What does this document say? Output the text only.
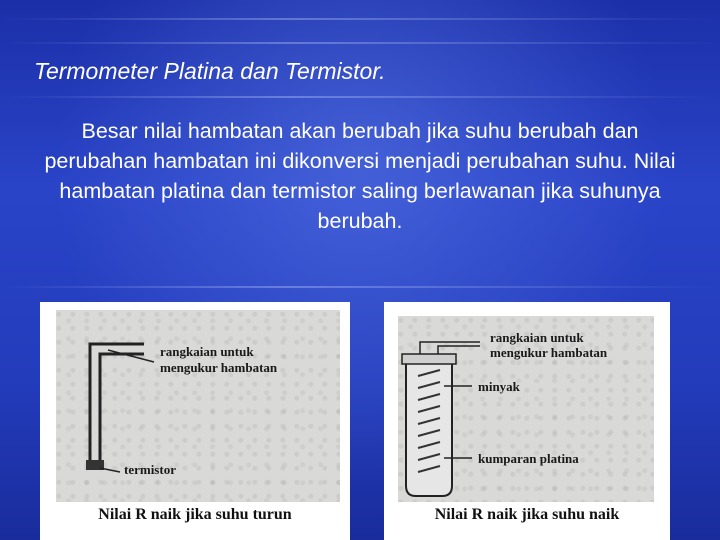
Termometer Platina dan Termistor.

Besar nilai hambatan akan berubah jika suhu berubah dan perubahan hambatan ini dikonversi menjadi perubahan suhu. Nilai hambatan platina dan termistor saling berlawanan jika suhunya berubah.

rangkaian untuk
mengukur hambatan
termistor
Nilai R naik jika suhu turun
rangkaian untuk
mengukur hambatan
minyak
kumparan platina
Nilai R naik jika suhu naik
